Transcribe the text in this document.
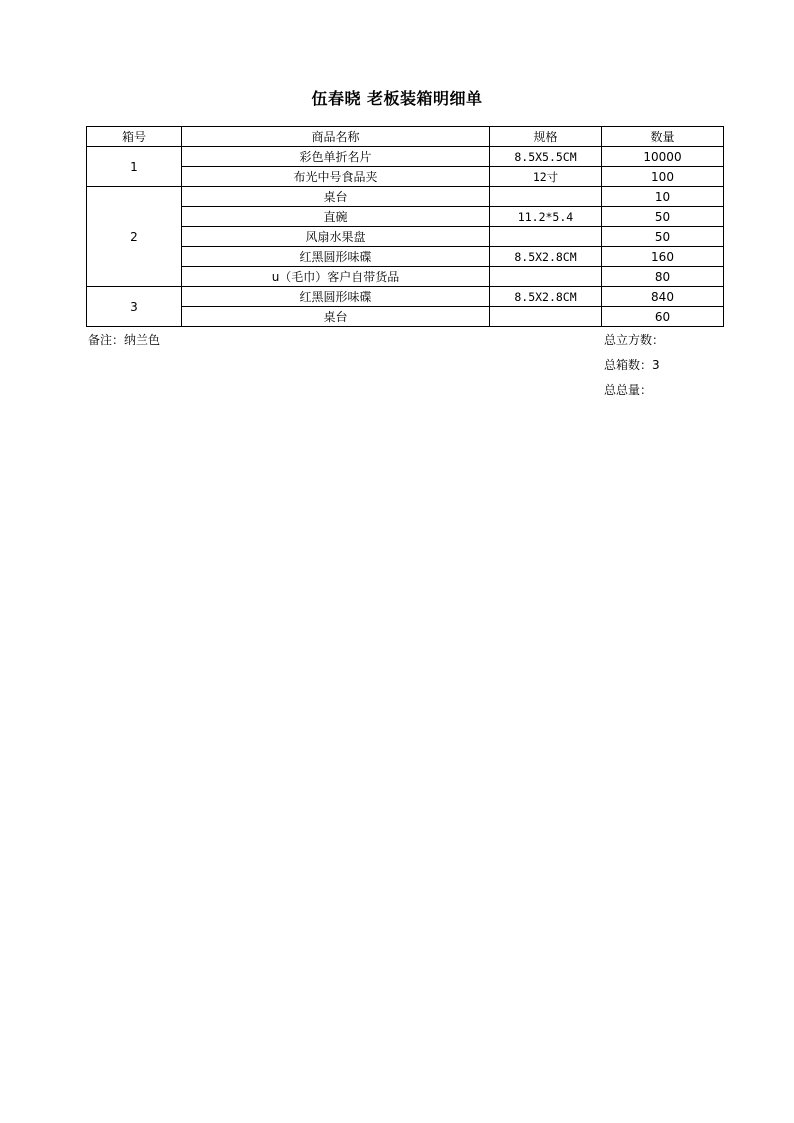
伍春晓 老板装箱明细单
箱号	商品名称	规格	数量
1	彩色单折名片	8.5X5.5CM	10000
	布光中号食品夹	12寸	100
2	桌台		10
	直碗	11.2*5.4	50
	风扇水果盘		50
	红黑圆形味碟	8.5X2.8CM	160
	u（毛巾）客户自带货品		80
3	红黑圆形味碟	8.5X2.8CM	840
	桌台		60
备注：纳兰色	总立方数：
总箱数：3
总总量：
